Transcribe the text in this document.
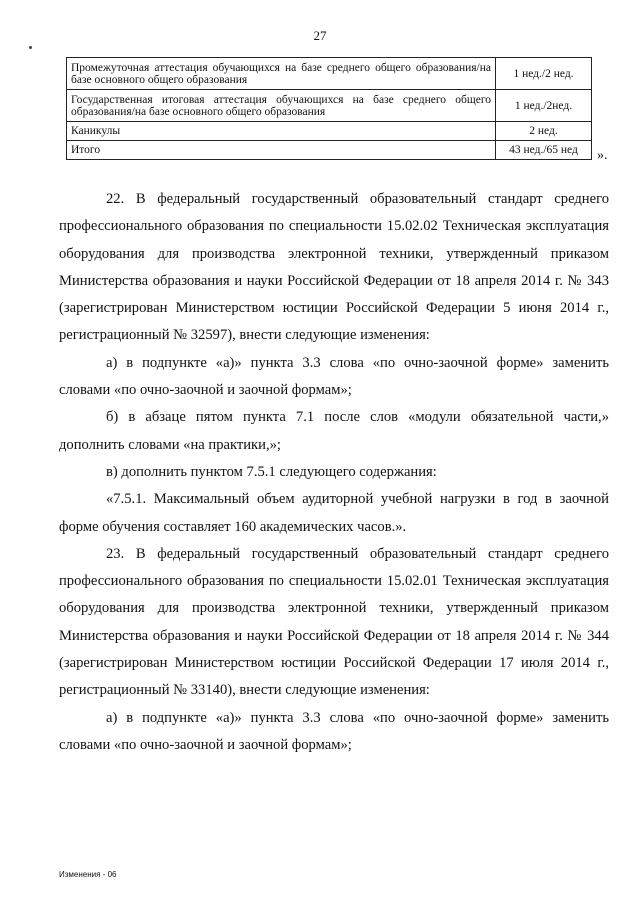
27
Промежуточная аттестация обучающихся на базе среднего общего образования/на базе основного общего образования	1 нед./2 нед.
Государственная итоговая аттестация обучающихся на базе среднего общего образования/на базе основного общего образования	1 нед./2нед.
Каникулы	2 нед.
Итого	43 нед./65 нед ».

22. В федеральный государственный образовательный стандарт среднего профессионального образования по специальности 15.02.02 Техническая эксплуатация оборудования для производства электронной техники, утвержденный приказом Министерства образования и науки Российской Федерации от 18 апреля 2014 г. № 343 (зарегистрирован Министерством юстиции Российской Федерации 5 июня 2014 г., регистрационный № 32597), внести следующие изменения:

а) в подпункте «а)» пункта 3.3 слова «по очно-заочной форме» заменить словами «по очно-заочной и заочной формам»;

б) в абзаце пятом пункта 7.1 после слов «модули обязательной части,» дополнить словами «на практики,»;

в) дополнить пунктом 7.5.1 следующего содержания:

«7.5.1. Максимальный объем аудиторной учебной нагрузки в год в заочной форме обучения составляет 160 академических часов.».

23. В федеральный государственный образовательный стандарт среднего профессионального образования по специальности 15.02.01 Техническая эксплуатация оборудования для производства электронной техники, утвержденный приказом Министерства образования и науки Российской Федерации от 18 апреля 2014 г. № 344 (зарегистрирован Министерством юстиции Российской Федерации 17 июля 2014 г., регистрационный № 33140), внести следующие изменения:

а) в подпункте «а)» пункта 3.3 слова «по очно-заочной форме» заменить словами «по очно-заочной и заочной формам»;

Изменения - 06
